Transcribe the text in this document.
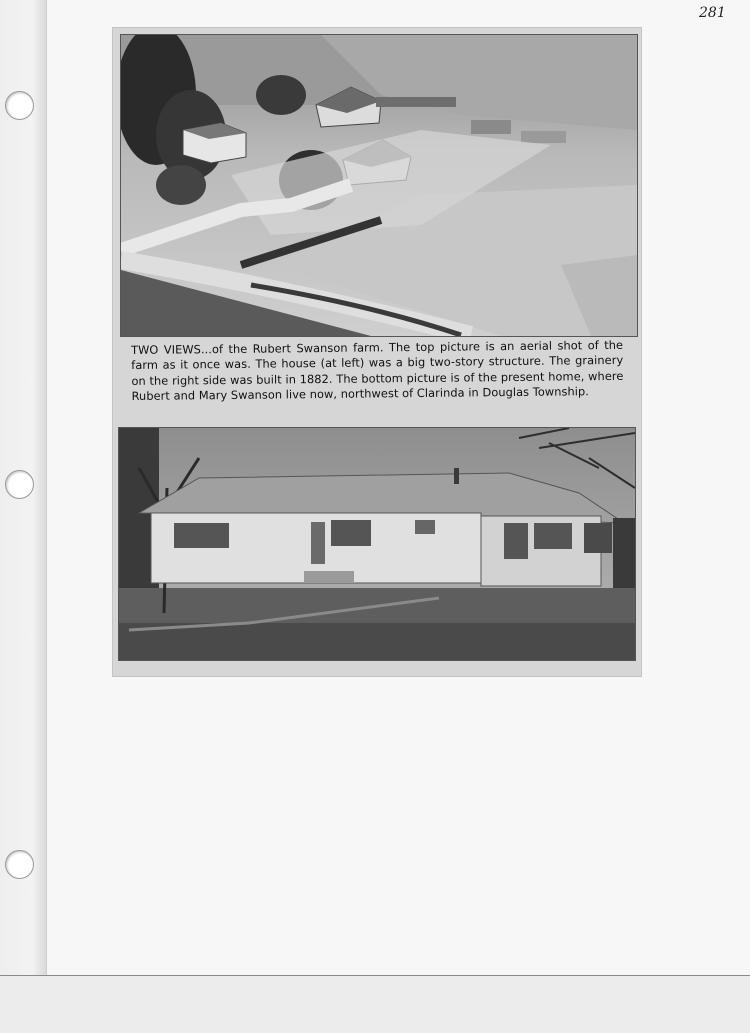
281
TWO VIEWS...of the Rubert Swanson farm. The top picture is an aerial shot of the farm as it once was. The house (at left) was a big two-story structure. The grainery on the right side was built in 1882. The bottom picture is of the present home, where Rubert and Mary Swanson live now, northwest of Clarinda in Douglas Township.
